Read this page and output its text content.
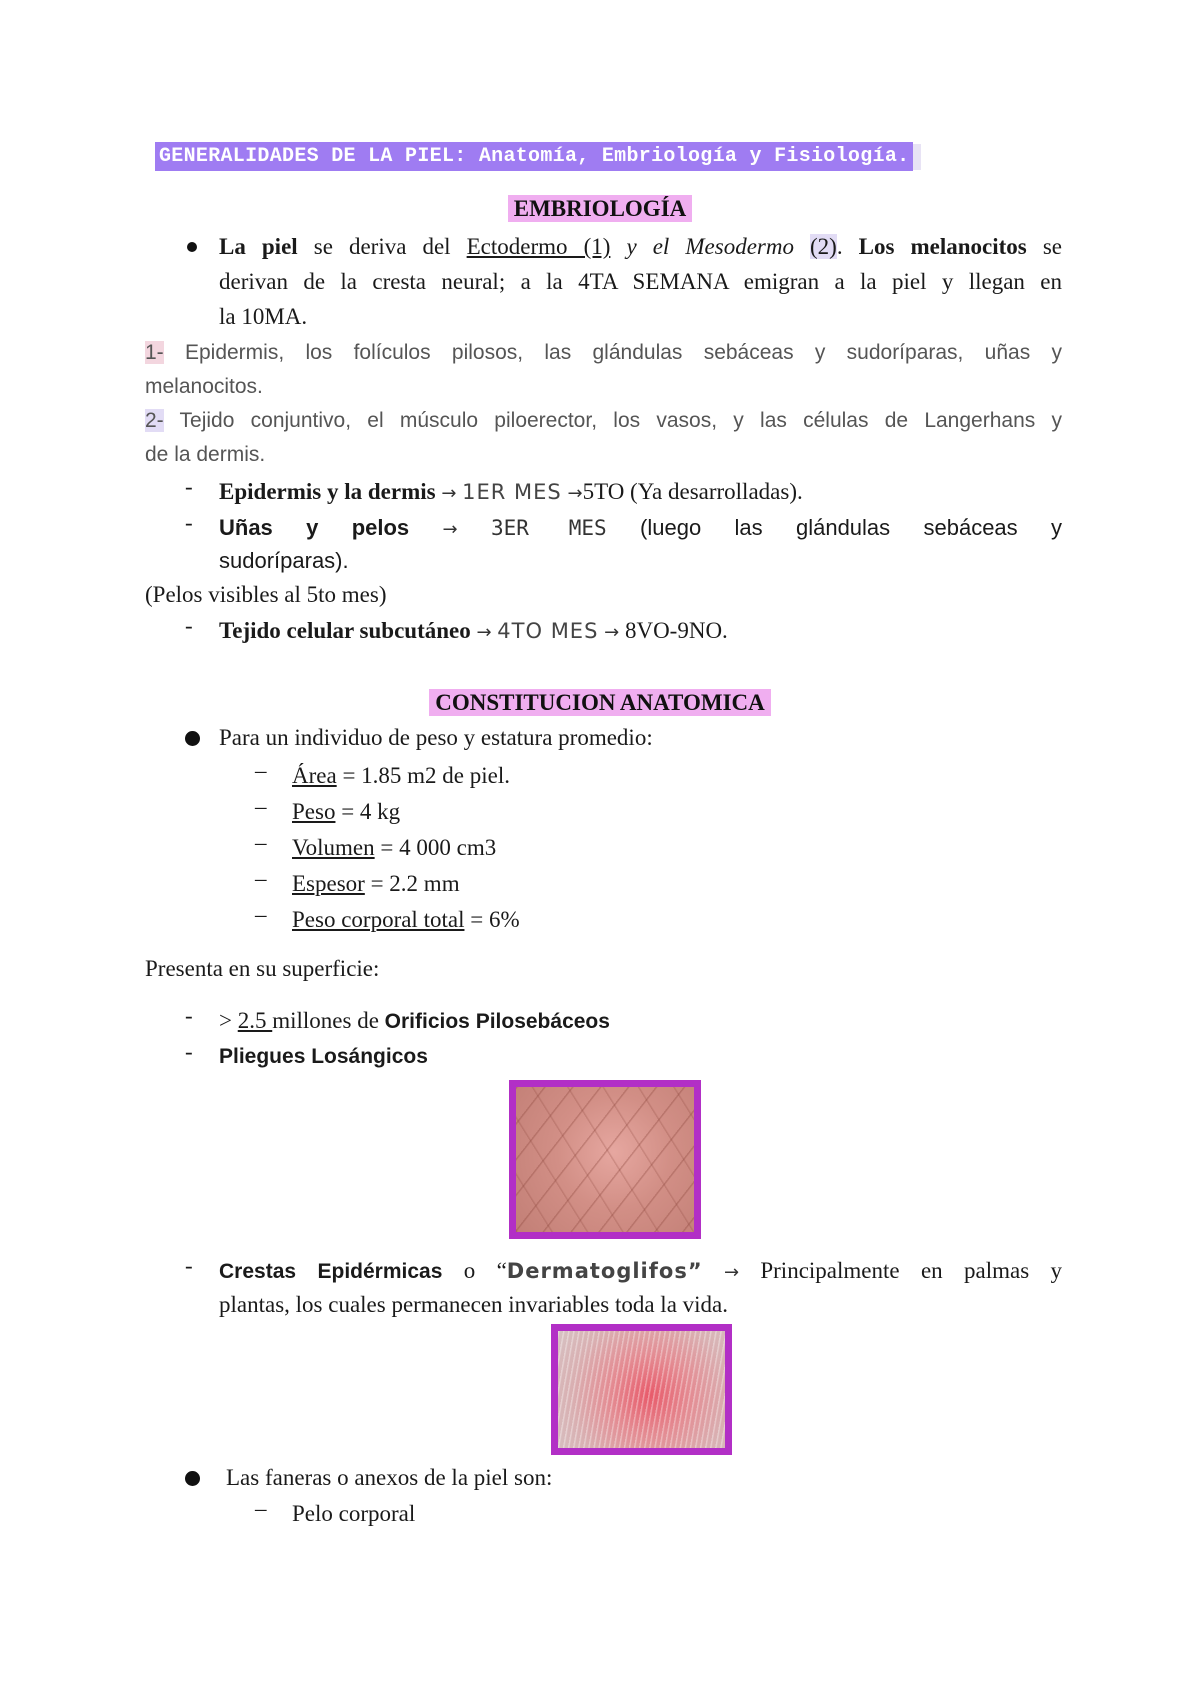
GENERALIDADES DE LA PIEL: Anatomía, Embriología y Fisiología.
EMBRIOLOGÍA
La piel se deriva del Ectodermo (1) y el Mesodermo (2). Los melanocitos se
derivan de la cresta neural; a la 4TA SEMANA emigran a la piel y llegan en
la 10MA.
1- Epidermis, los folículos pilosos, las glándulas sebáceas y sudoríparas, uñas y
melanocitos.
2- Tejido conjuntivo, el músculo piloerector, los vasos, y las células de Langerhans y
de la dermis.
- Epidermis y la dermis → 1ER MES →5TO (Ya desarrolladas).
- Uñas y pelos → 3ER MES (luego las glándulas sebáceas y
sudoríparas).
(Pelos visibles al 5to mes)
- Tejido celular subcutáneo → 4TO MES → 8VO-9NO.
CONSTITUCION ANATOMICA
Para un individuo de peso y estatura promedio:
– Área = 1.85 m2 de piel.
– Peso = 4 kg
– Volumen = 4 000 cm3
– Espesor = 2.2 mm
– Peso corporal total = 6%
Presenta en su superficie:
- > 2.5 millones de Orificios Pilosebáceos
- Pliegues Losángicos
- Crestas Epidérmicas o “Dermatoglifos” → Principalmente en palmas y
plantas, los cuales permanecen invariables toda la vida.
Las faneras o anexos de la piel son:
– Pelo corporal
